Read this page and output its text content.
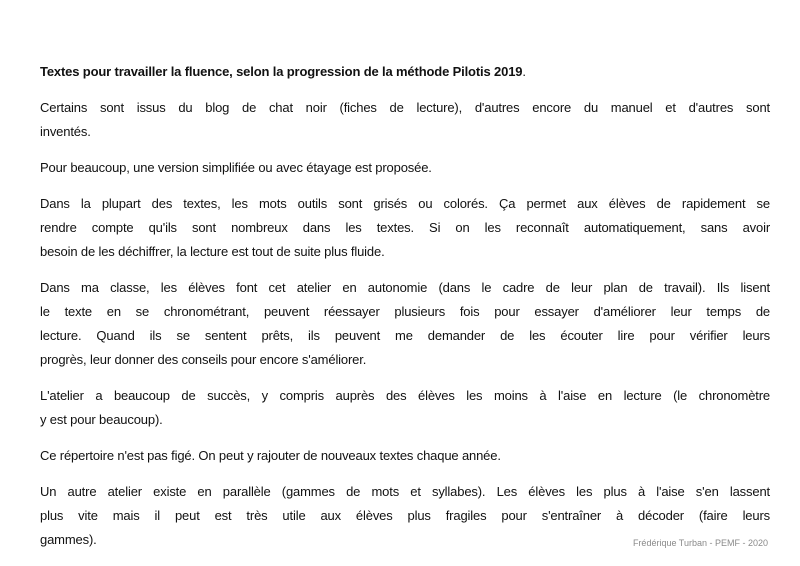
Textes pour travailler la fluence, selon la progression de la méthode Pilotis 2019.
Certains sont issus du blog de chat noir (fiches de lecture), d'autres encore du manuel et d'autres sont
inventés.
Pour beaucoup, une version simplifiée ou avec étayage est proposée.
Dans la plupart des textes, les mots outils sont grisés ou colorés. Ça permet aux élèves de rapidement se
rendre compte qu'ils sont nombreux dans les textes. Si on les reconnaît automatiquement, sans avoir
besoin de les déchiffrer, la lecture est tout de suite plus fluide.
Dans ma classe, les élèves font cet atelier en autonomie (dans le cadre de leur plan de travail). Ils lisent
le texte en se chronométrant, peuvent réessayer plusieurs fois pour essayer d'améliorer leur temps de
lecture. Quand ils se sentent prêts, ils peuvent me demander de les écouter lire pour vérifier leurs
progrès, leur donner des conseils pour encore s'améliorer.
L'atelier a beaucoup de succès, y compris auprès des élèves les moins à l'aise en lecture (le chronomètre
y est pour beaucoup).
Ce répertoire n'est pas figé. On peut y rajouter de nouveaux textes chaque année.
Un autre atelier existe en parallèle (gammes de mots et syllabes). Les élèves les plus à l'aise s'en lassent
plus vite mais il peut est très utile aux élèves plus fragiles pour s'entraîner à décoder (faire leurs
gammes).	Frédérique Turban - PEMF - 2020
